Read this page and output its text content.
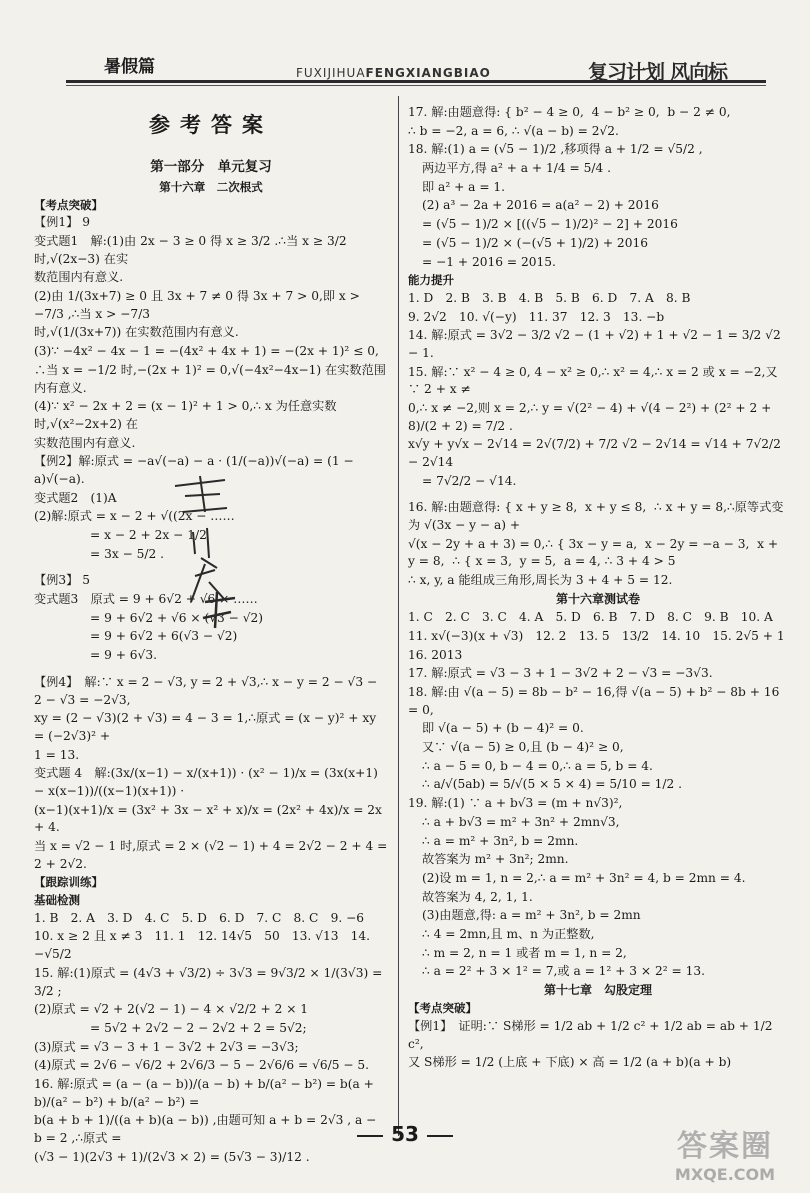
暑假篇	FUXIJIHUAFENGXIANGBIAO	复习计划 风向标
参考答案

第一部分　单元复习

第十六章　二次根式

【考点突破】

【例1】 9

变式题1　解:(1)由 2x − 3 ≥ 0 得 x ≥ 3/2 .∴当 x ≥ 3/2 时,√(2x−3) 在实

数范围内有意义.

(2)由 1/(3x+7) ≥ 0 且 3x + 7 ≠ 0 得 3x + 7 > 0,即 x > −7/3 ,∴当 x > −7/3

时,√(1/(3x+7)) 在实数范围内有意义.

(3)∵ −4x² − 4x − 1 = −(4x² + 4x + 1) = −(2x + 1)² ≤ 0,

∴当 x = −1/2 时,−(2x + 1)² = 0,√(−4x²−4x−1) 在实数范围内有意义.

(4)∵ x² − 2x + 2 = (x − 1)² + 1 > 0,∴ x 为任意实数时,√(x²−2x+2) 在

实数范围内有意义.

【例2】解:原式 = −a√(−a) − a · (1/(−a))√(−a) = (1 − a)√(−a).

变式题2　(1)A

(2)解:原式 = x − 2 + √((2x − ……

= x − 2 + 2x − 1/2

= 3x − 5/2 .

【例3】 5

变式题3　原式 = 9 + 6√2 + √6 × ……

= 9 + 6√2 + √6 × (√3 − √2)

= 9 + 6√2 + 6(√3 − √2)

= 9 + 6√3.

【例4】　解:∵ x = 2 − √3, y = 2 + √3,∴ x − y = 2 − √3 − 2 − √3 = −2√3,

xy = (2 − √3)(2 + √3) = 4 − 3 = 1,∴原式 = (x − y)² + xy = (−2√3)² +

1 = 13.

变式题 4　解:(3x/(x−1) − x/(x+1)) · (x² − 1)/x = (3x(x+1) − x(x−1))/((x−1)(x+1)) ·

(x−1)(x+1)/x = (3x² + 3x − x² + x)/x = (2x² + 4x)/x = 2x + 4.

当 x = √2 − 1 时,原式 = 2 × (√2 − 1) + 4 = 2√2 − 2 + 4 = 2 + 2√2.

【跟踪训练】

基础检测

1. B　2. A　3. D　4. C　5. D　6. D　7. C　8. C　9. −6

10. x ≥ 2 且 x ≠ 3　11. 1　12. 14√5　50　13. √13　14. −√5/2

15. 解:(1)原式 = (4√3 + √3/2) ÷ 3√3 = 9√3/2 × 1/(3√3) = 3/2 ;

(2)原式 = √2 + 2(√2 − 1) − 4 × √2/2 + 2 × 1

= 5√2 + 2√2 − 2 − 2√2 + 2 = 5√2;

(3)原式 = √3 − 3 + 1 − 3√2 + 2√3 = −3√3;

(4)原式 = 2√6 − √6/2 + 2√6/3 − 5 − 2√6/6 = √6/5 − 5.

16. 解:原式 = (a − (a − b))/(a − b) + b/(a² − b²) = b(a + b)/(a² − b²) + b/(a² − b²) =

b(a + b + 1)/((a + b)(a − b)) ,由题可知 a + b = 2√3 , a − b = 2 ,∴原式 =

(√3 − 1)(2√3 + 1)/(2√3 × 2) = (5√3 − 3)/12 .

17. 解:由题意得: { b² − 4 ≥ 0,  4 − b² ≥ 0,  b − 2 ≠ 0,

∴ b = −2, a = 6, ∴ √(a − b) = 2√2.

18. 解:(1) a = (√5 − 1)/2 ,移项得 a + 1/2 = √5/2 ,

两边平方,得 a² + a + 1/4 = 5/4 .

即 a² + a = 1.

(2) a³ − 2a + 2016 = a(a² − 2) + 2016

= (√5 − 1)/2 × [((√5 − 1)/2)² − 2] + 2016

= (√5 − 1)/2 × (−(√5 + 1)/2) + 2016

= −1 + 2016 = 2015.

能力提升

1. D　2. B　3. B　4. B　5. B　6. D　7. A　8. B

9. 2√2　10. √(−y)　11. 37　12. 3　13. −b

14. 解:原式 = 3√2 − 3/2 √2 − (1 + √2) + 1 + √2 − 1 = 3/2 √2 − 1.

15. 解:∵ x² − 4 ≥ 0, 4 − x² ≥ 0,∴ x² = 4,∴ x = 2 或 x = −2,又∵ 2 + x ≠

0,∴ x ≠ −2,则 x = 2,∴ y = √(2² − 4) + √(4 − 2²) + (2² + 2 + 8)/(2 + 2) = 7/2 .

x√y + y√x − 2√14 = 2√(7/2) + 7/2 √2 − 2√14 = √14 + 7√2/2 − 2√14

= 7√2/2 − √14.

16. 解:由题意得: { x + y ≥ 8,  x + y ≤ 8,  ∴ x + y = 8,∴原等式变为 √(3x − y − a) +

√(x − 2y + a + 3) = 0,∴ { 3x − y = a,  x − 2y = −a − 3,  x + y = 8,  ∴ { x = 3,  y = 5,  a = 4, ∴ 3 + 4 > 5

∴ x, y, a 能组成三角形,周长为 3 + 4 + 5 = 12.

第十六章测试卷

1. C　2. C　3. C　4. A　5. D　6. B　7. D　8. C　9. B　10. A

11. x√(−3)(x + √3)　12. 2　13. 5　13/2　14. 10　15. 2√5 + 1

16. 2013

17. 解:原式 = √3 − 3 + 1 − 3√2 + 2 − √3 = −3√3.

18. 解:由 √(a − 5) = 8b − b² − 16,得 √(a − 5) + b² − 8b + 16 = 0,

即 √(a − 5) + (b − 4)² = 0.

又∵ √(a − 5) ≥ 0,且 (b − 4)² ≥ 0,

∴ a − 5 = 0, b − 4 = 0,∴ a = 5, b = 4.

∴ a/√(5ab) = 5/√(5 × 5 × 4) = 5/10 = 1/2 .

19. 解:(1) ∵ a + b√3 = (m + n√3)²,

∴ a + b√3 = m² + 3n² + 2mn√3,

∴ a = m² + 3n², b = 2mn.

故答案为 m² + 3n²; 2mn.

(2)设 m = 1, n = 2,∴ a = m² + 3n² = 4, b = 2mn = 4.

故答案为 4, 2, 1, 1.

(3)由题意,得: a = m² + 3n², b = 2mn

∴ 4 = 2mn,且 m、n 为正整数,

∴ m = 2, n = 1 或者 m = 1, n = 2,

∴ a = 2² + 3 × 1² = 7,或 a = 1² + 3 × 2² = 13.

第十七章　勾股定理

【考点突破】

【例1】　证明:∵ S梯形 = 1/2 ab + 1/2 c² + 1/2 ab = ab + 1/2 c²,

又 S梯形 = 1/2 (上底 + 下底) × 高 = 1/2 (a + b)(a + b)

53	答案圈
MXQE.COM
